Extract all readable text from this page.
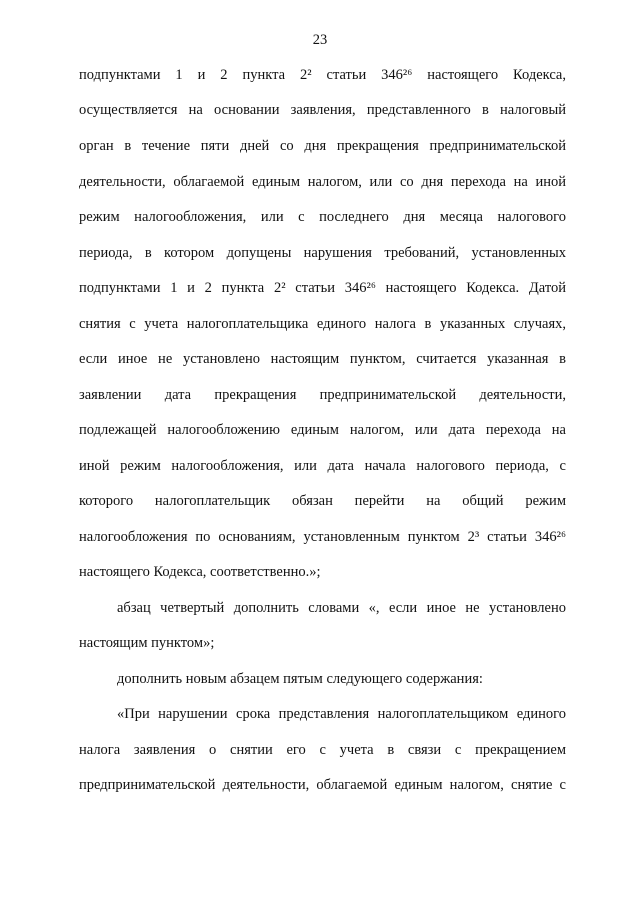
23
подпунктами 1 и 2 пункта 2² статьи 346²⁶ настоящего Кодекса,
осуществляется на основании заявления, представленного в налоговый
орган в течение пяти дней со дня прекращения предпринимательской
деятельности, облагаемой единым налогом, или со дня перехода на иной
режим налогообложения, или с последнего дня месяца налогового
периода, в котором допущены нарушения требований, установленных
подпунктами 1 и 2 пункта 2² статьи 346²⁶ настоящего Кодекса. Датой
снятия с учета налогоплательщика единого налога в указанных случаях,
если иное не установлено настоящим пунктом, считается указанная в
заявлении дата прекращения предпринимательской деятельности,
подлежащей налогообложению единым налогом, или дата перехода на
иной режим налогообложения, или дата начала налогового периода, с
которого налогоплательщик обязан перейти на общий режим
налогообложения по основаниям, установленным пунктом 2³ статьи 346²⁶
настоящего Кодекса, соответственно.»;
абзац четвертый дополнить словами «, если иное не установлено
настоящим пунктом»;
дополнить новым абзацем пятым следующего содержания:
«При нарушении срока представления налогоплательщиком единого
налога заявления о снятии его с учета в связи с прекращением
предпринимательской деятельности, облагаемой единым налогом, снятие с
